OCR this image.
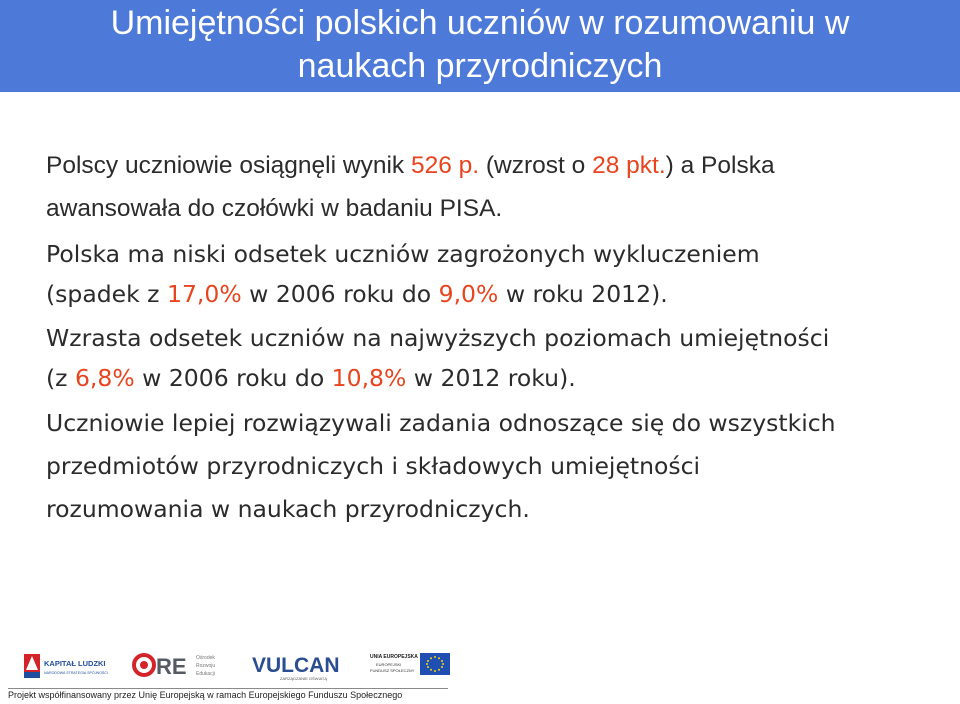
Umiejętności polskich uczniów w rozumowaniu w
naukach przyrodniczych
Polscy uczniowie osiągnęli wynik 526 p. (wzrost o 28 pkt.) a Polska
awansowała do czołówki w badaniu PISA.
Polska ma niski odsetek uczniów zagrożonych wykluczeniem
(spadek z 17,0% w 2006 roku do 9,0% w roku 2012).
Wzrasta odsetek uczniów na najwyższych poziomach umiejętności
(z 6,8% w 2006 roku do 10,8% w 2012 roku).
Uczniowie lepiej rozwiązywali zadania odnoszące się do wszystkich
przedmiotów przyrodniczych i składowych umiejętności
rozumowania w naukach przyrodniczych.
KAPITAŁ LUDZKI
NARODOWA STRATEGIA SPÓJNOŚCI RE Ośrodek
Rozwoju
Edukacji VULCAN
ZARZĄDZANIE OŚWIATĄ
UNIA EUROPEJSKA
EUROPEJSKI
FUNDUSZ SPOŁECZNY
Projekt współfinansowany przez Unię Europejską w ramach Europejskiego Funduszu Społecznego
